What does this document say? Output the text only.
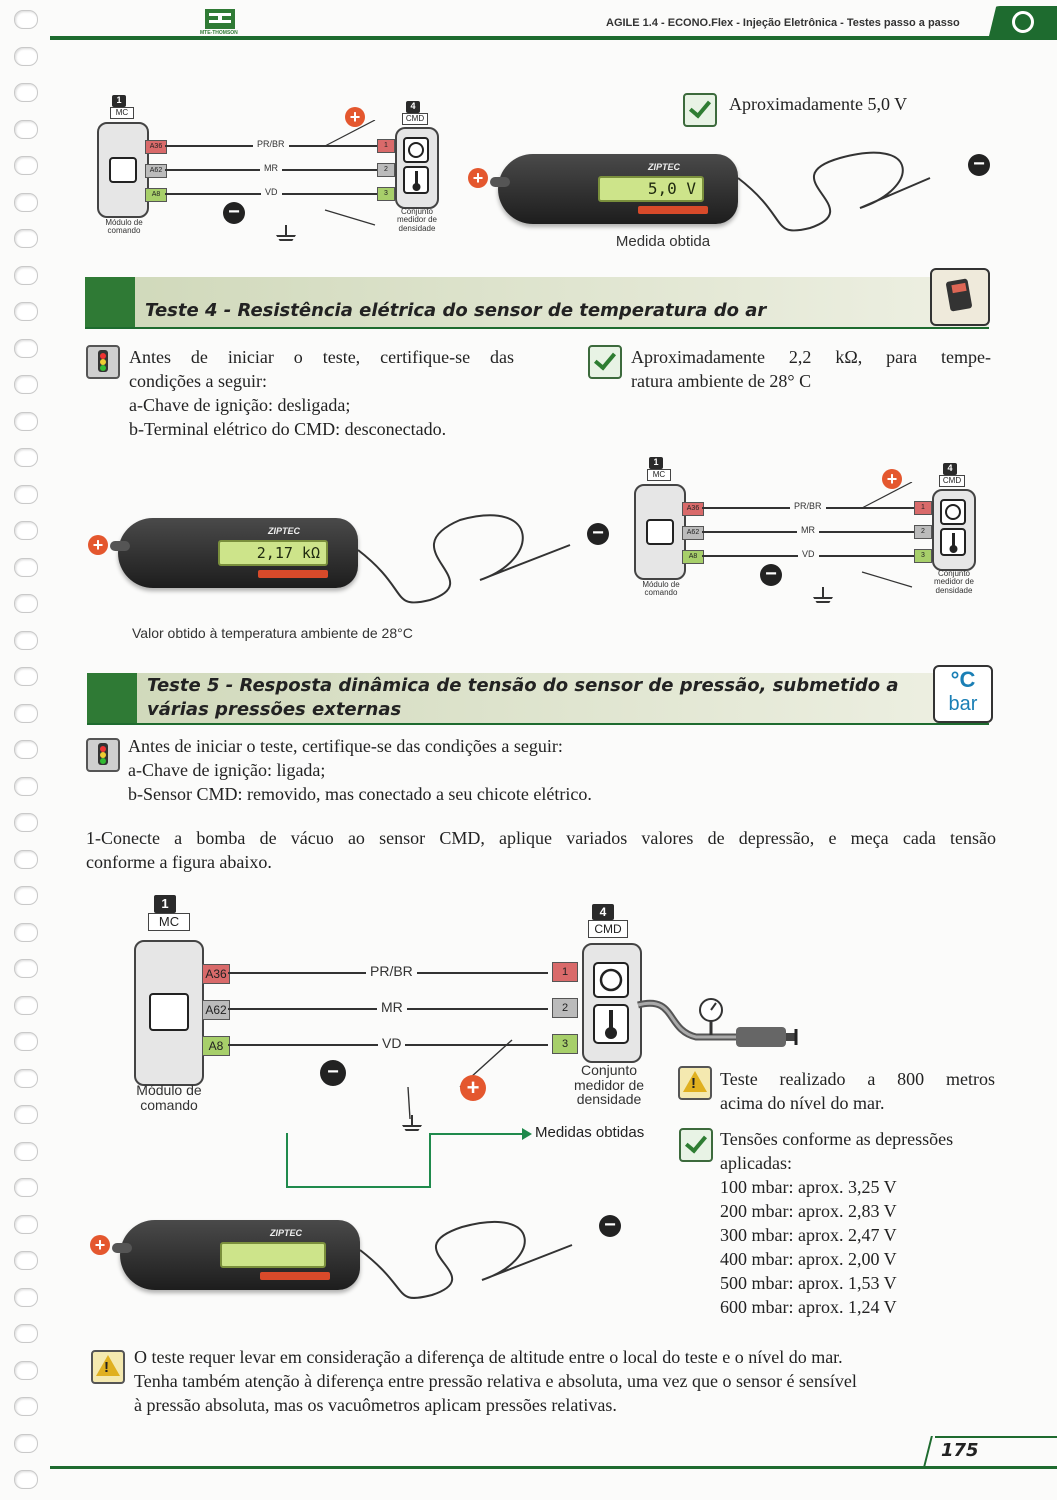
MTE-THOMSON
AGILE 1.4 - ECONO.Flex - Injeção Eletrônica - Testes passo a passo
1
MC
A36
A62
A8
PR/BR
MR
VD
Módulo de comando
4
CMD
1
2
3
Conjunto medidor de densidade
+
−
+
ZIPTEC
5,0 V
−
Medida obtida
Aproximadamente 5,0 V
Teste 4 - Resistência elétrica do sensor de temperatura do ar
Antes de iniciar o teste, certifique-se das
condições a seguir:
a-Chave de ignição: desligada;
b-Terminal elétrico do CMD: desconectado.
Aproximadamente 2,2 kΩ, para tempe-
ratura ambiente de 28° C
+
ZIPTEC
2,17 kΩ
−
Valor obtido à temperatura ambiente de 28°C
1
MC
A36
A62
A8
PR/BR
MR
VD
Módulo de comando
4
CMD
1
2
3
Conjunto medidor de densidade
+
−
Teste 5 - Resposta dinâmica de tensão do sensor de pressão, submetido a
várias pressões externas
°C
bar
Antes de iniciar o teste, certifique-se das condições a seguir:
a-Chave de ignição: ligada;
b-Sensor CMD: removido, mas conectado a seu chicote elétrico.
1-Conecte a bomba de vácuo ao sensor CMD, aplique variados valores de depressão, e meça cada tensão
conforme a figura abaixo.
1
MC
A36
A62
A8
PR/BR
MR
VD
Módulo de comando
4
CMD
1
2
3
Conjunto medidor de densidade
−
+
Medidas obtidas
+
ZIPTEC	−
!
Teste realizado a 800 metros
acima do nível do mar.
Tensões conforme as depressões
aplicadas:
100 mbar: aprox. 3,25 V
200 mbar: aprox. 2,83 V
300 mbar: aprox. 2,47 V
400 mbar: aprox. 2,00 V
500 mbar: aprox. 1,53 V
600 mbar: aprox. 1,24 V
!
O teste requer levar em consideração a diferença de altitude entre o local do teste e o nível do mar.
Tenha também atenção à diferença entre pressão relativa e absoluta, uma vez que o sensor é sensível
à pressão absoluta, mas os vacuômetros aplicam pressões relativas.
175
